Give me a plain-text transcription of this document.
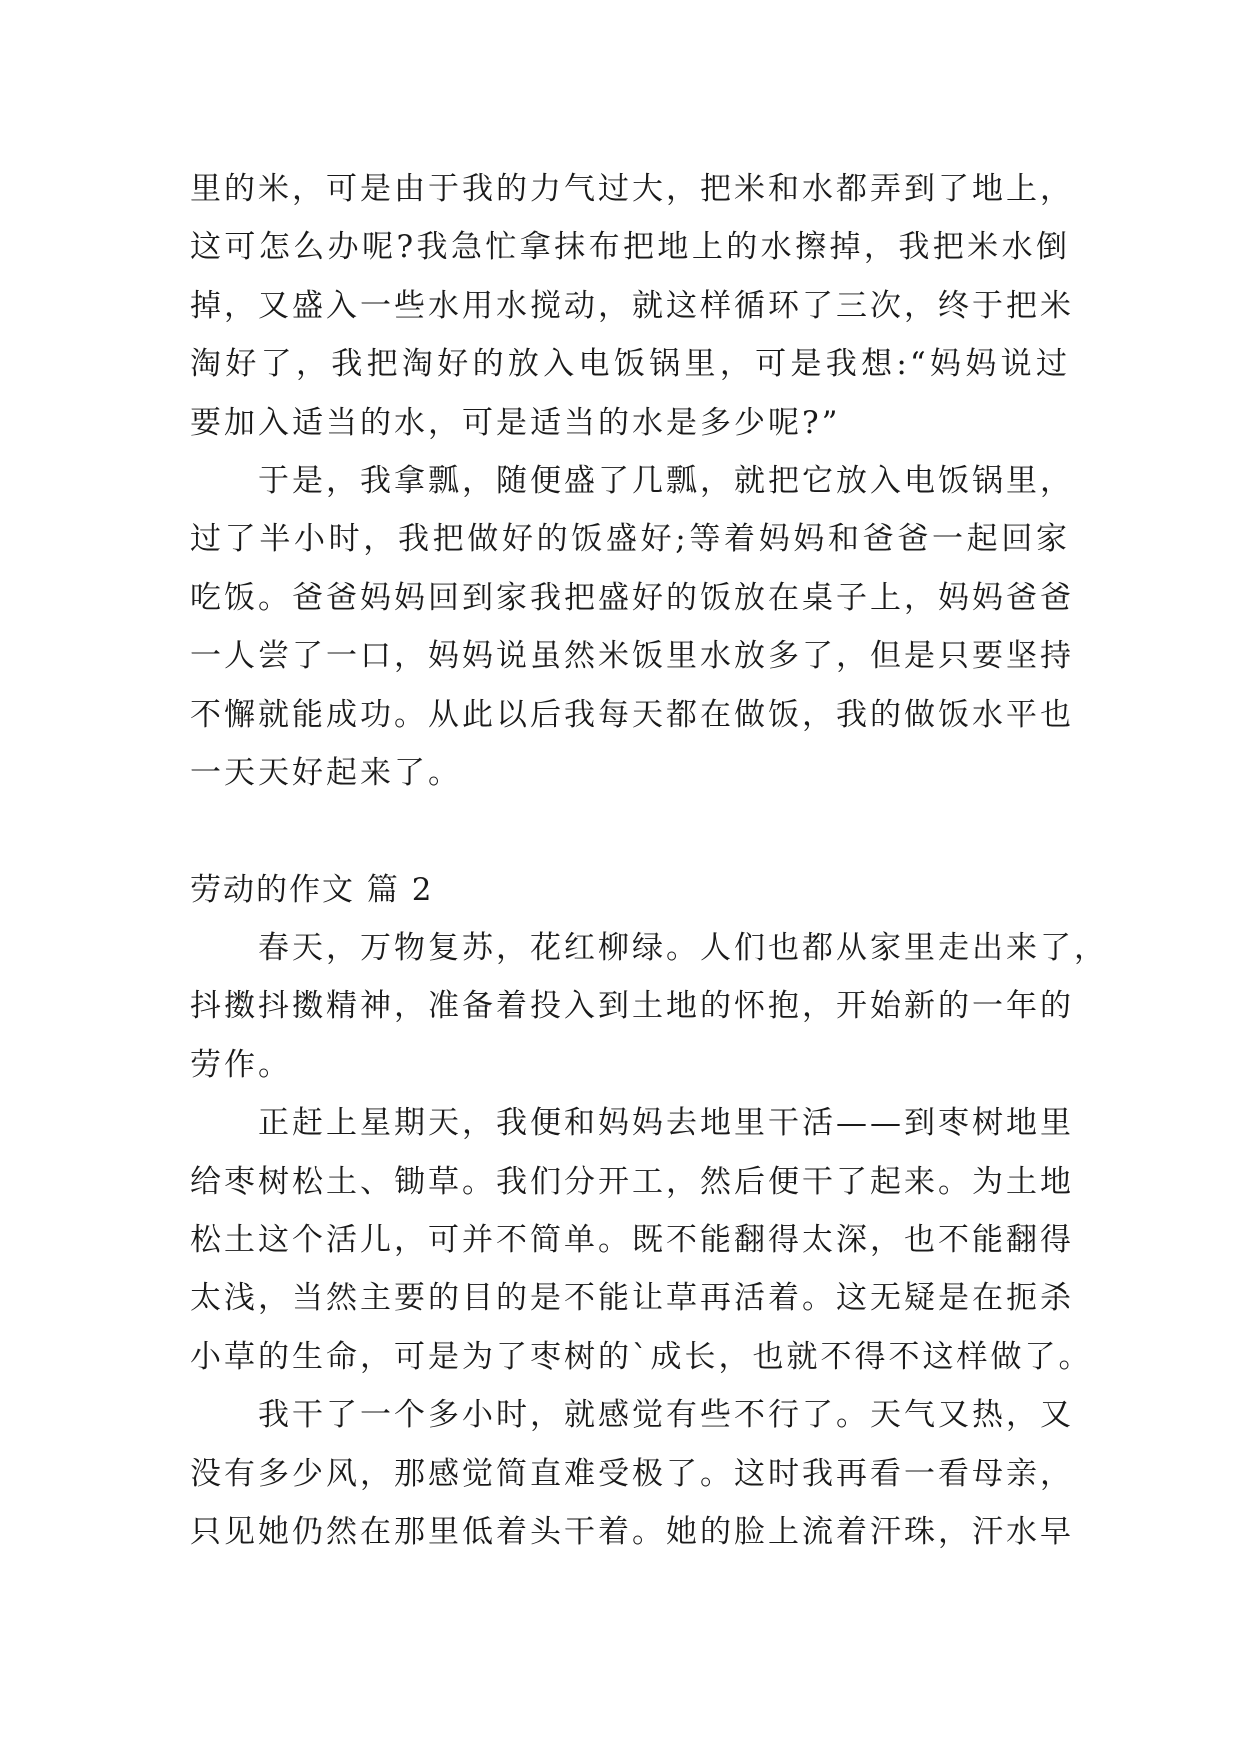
里的米，可是由于我的力气过大，把米和水都弄到了地上，
这可怎么办呢?我急忙拿抹布把地上的水擦掉，我把米水倒
掉，又盛入一些水用水搅动，就这样循环了三次，终于把米
淘好了，我把淘好的放入电饭锅里，可是我想:“妈妈说过
要加入适当的水，可是适当的水是多少呢?”
于是，我拿瓢，随便盛了几瓢，就把它放入电饭锅里，
过了半小时，我把做好的饭盛好;等着妈妈和爸爸一起回家
吃饭。爸爸妈妈回到家我把盛好的饭放在桌子上，妈妈爸爸
一人尝了一口，妈妈说虽然米饭里水放多了，但是只要坚持
不懈就能成功。从此以后我每天都在做饭，我的做饭水平也
一天天好起来了。
劳动的作文 篇 2
春天，万物复苏，花红柳绿。人们也都从家里走出来了，
抖擞抖擞精神，准备着投入到土地的怀抱，开始新的一年的
劳作。
正赶上星期天，我便和妈妈去地里干活——到枣树地里
给枣树松土、锄草。我们分开工，然后便干了起来。为土地
松土这个活儿，可并不简单。既不能翻得太深，也不能翻得
太浅，当然主要的目的是不能让草再活着。这无疑是在扼杀
小草的生命，可是为了枣树的`成长，也就不得不这样做了。
我干了一个多小时，就感觉有些不行了。天气又热，又
没有多少风，那感觉简直难受极了。这时我再看一看母亲，
只见她仍然在那里低着头干着。她的脸上流着汗珠，汗水早
